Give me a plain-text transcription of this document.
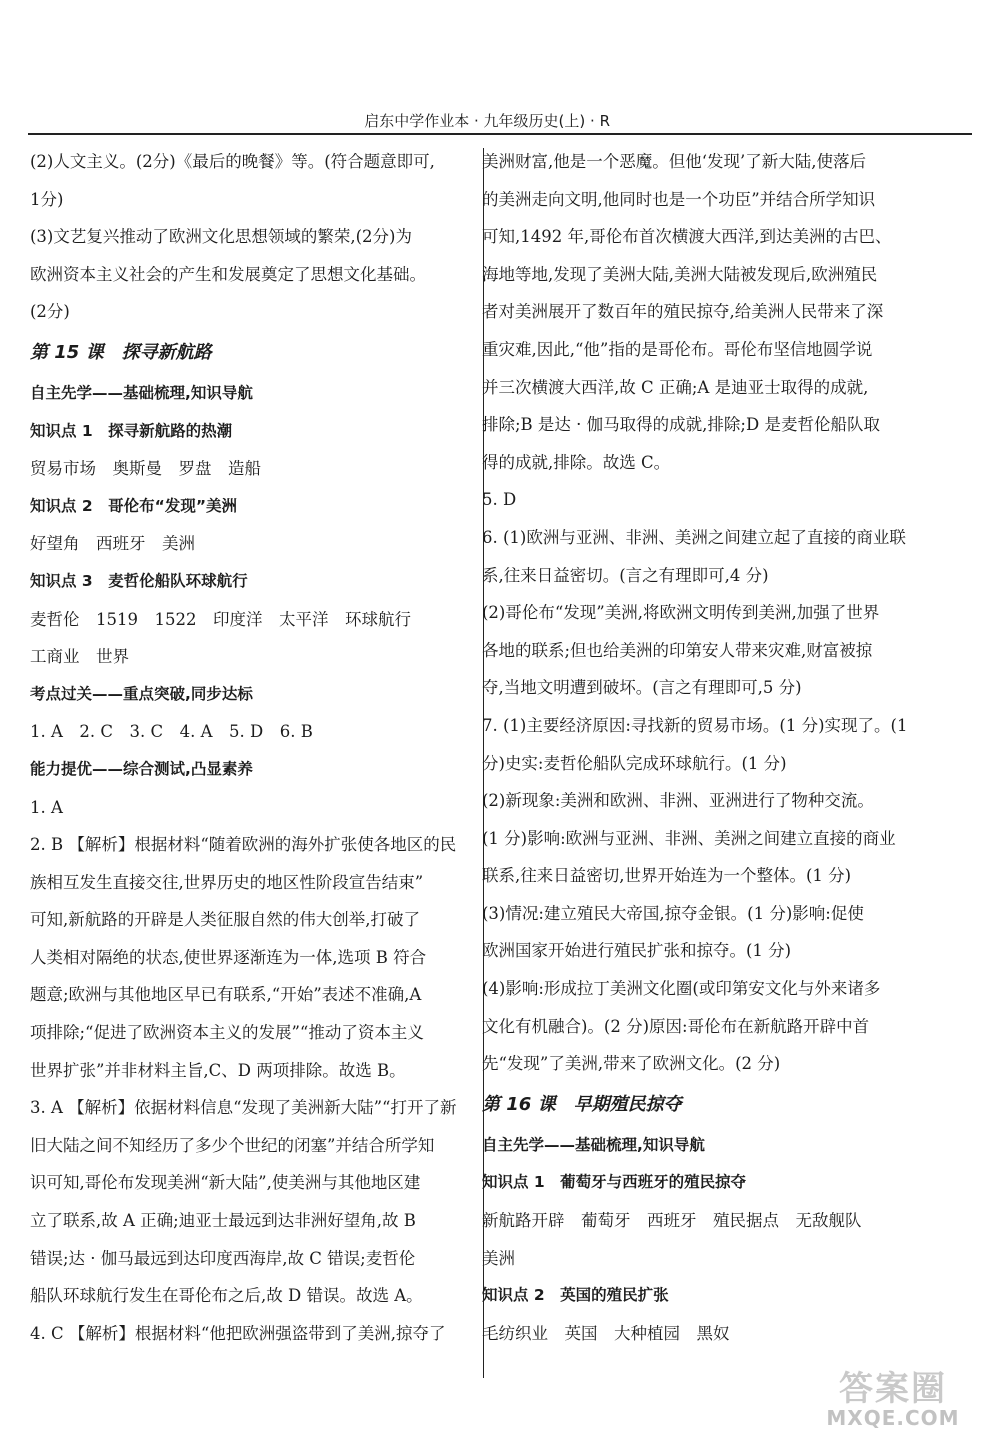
启东中学作业本 · 九年级历史(上) · R
(2)人文主义。(2分)《最后的晚餐》等。(符合题意即可,
1分)
(3)文艺复兴推动了欧洲文化思想领域的繁荣,(2分)为
欧洲资本主义社会的产生和发展奠定了思想文化基础。
(2分)
第 15 课　探寻新航路
自主先学——基础梳理,知识导航
知识点 1　探寻新航路的热潮
贸易市场　奥斯曼　罗盘　造船
知识点 2　哥伦布“发现”美洲
好望角　西班牙　美洲
知识点 3　麦哲伦船队环球航行
麦哲伦　1519　1522　印度洋　太平洋　环球航行
工商业　世界
考点过关——重点突破,同步达标
1. A　2. C　3. C　4. A　5. D　6. B
能力提优——综合测试,凸显素养
1. A
2. B 【解析】根据材料“随着欧洲的海外扩张使各地区的民
族相互发生直接交往,世界历史的地区性阶段宣告结束”
可知,新航路的开辟是人类征服自然的伟大创举,打破了
人类相对隔绝的状态,使世界逐渐连为一体,选项 B 符合
题意;欧洲与其他地区早已有联系,“开始”表述不准确,A
项排除;“促进了欧洲资本主义的发展”“推动了资本主义
世界扩张”并非材料主旨,C、D 两项排除。故选 B。
3. A 【解析】依据材料信息“发现了美洲新大陆”“打开了新
旧大陆之间不知经历了多少个世纪的闭塞”并结合所学知
识可知,哥伦布发现美洲“新大陆”,使美洲与其他地区建
立了联系,故 A 正确;迪亚士最远到达非洲好望角,故 B
错误;达 · 伽马最远到达印度西海岸,故 C 错误;麦哲伦
船队环球航行发生在哥伦布之后,故 D 错误。故选 A。
4. C 【解析】根据材料“他把欧洲强盗带到了美洲,掠夺了
美洲财富,他是一个恶魔。但他‘发现’了新大陆,使落后
的美洲走向文明,他同时也是一个功臣”并结合所学知识
可知,1492 年,哥伦布首次横渡大西洋,到达美洲的古巴、
海地等地,发现了美洲大陆,美洲大陆被发现后,欧洲殖民
者对美洲展开了数百年的殖民掠夺,给美洲人民带来了深
重灾难,因此,“他”指的是哥伦布。哥伦布坚信地圆学说
并三次横渡大西洋,故 C 正确;A 是迪亚士取得的成就,
排除;B 是达 · 伽马取得的成就,排除;D 是麦哲伦船队取
得的成就,排除。故选 C。
5. D
6. (1)欧洲与亚洲、非洲、美洲之间建立起了直接的商业联
系,往来日益密切。(言之有理即可,4 分)
(2)哥伦布“发现”美洲,将欧洲文明传到美洲,加强了世界
各地的联系;但也给美洲的印第安人带来灾难,财富被掠
夺,当地文明遭到破坏。(言之有理即可,5 分)
7. (1)主要经济原因:寻找新的贸易市场。(1 分)实现了。(1
分)史实:麦哲伦船队完成环球航行。(1 分)
(2)新现象:美洲和欧洲、非洲、亚洲进行了物种交流。
(1 分)影响:欧洲与亚洲、非洲、美洲之间建立直接的商业
联系,往来日益密切,世界开始连为一个整体。(1 分)
(3)情况:建立殖民大帝国,掠夺金银。(1 分)影响:促使
欧洲国家开始进行殖民扩张和掠夺。(1 分)
(4)影响:形成拉丁美洲文化圈(或印第安文化与外来诸多
文化有机融合)。(2 分)原因:哥伦布在新航路开辟中首
先“发现”了美洲,带来了欧洲文化。(2 分)
第 16 课　早期殖民掠夺
自主先学——基础梳理,知识导航
知识点 1　葡萄牙与西班牙的殖民掠夺
新航路开辟　葡萄牙　西班牙　殖民据点　无敌舰队
美洲
知识点 2　英国的殖民扩张
毛纺织业　英国　大种植园　黑奴
答案圈
MXQE.COM
